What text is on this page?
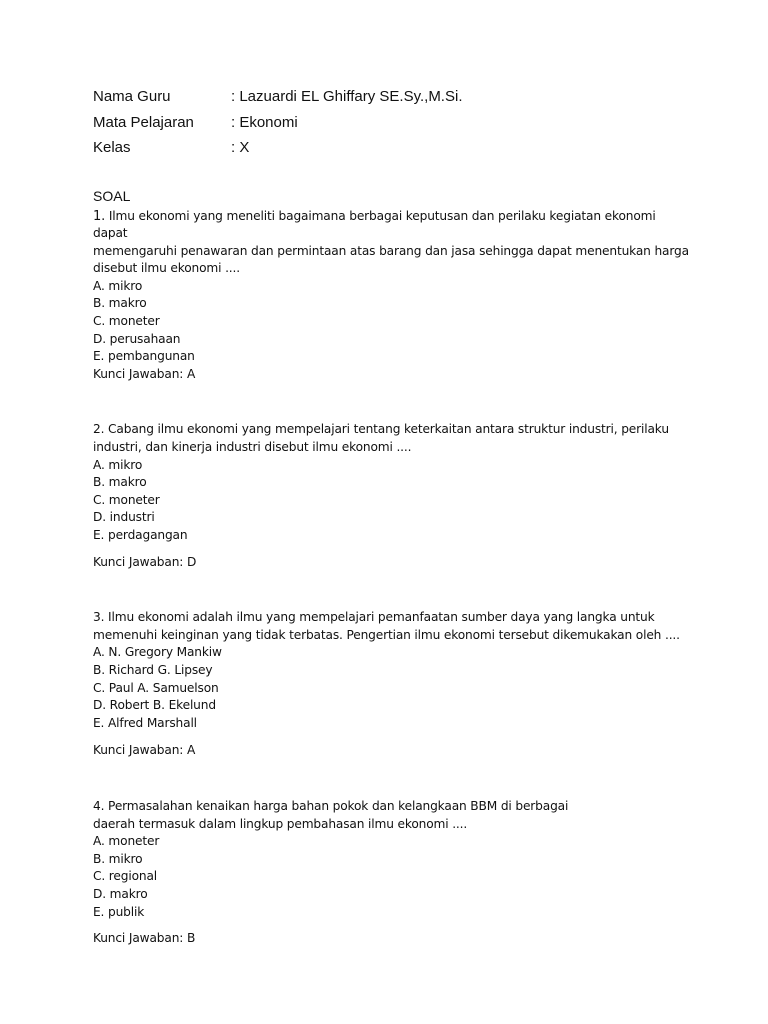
Nama Guru	: Lazuardi EL Ghiffary SE.Sy.,M.Si.
Mata Pelajaran	: Ekonomi
Kelas	: X
SOAL
1. Ilmu ekonomi yang meneliti bagaimana berbagai keputusan dan perilaku kegiatan ekonomi dapat
memengaruhi penawaran dan permintaan atas barang dan jasa sehingga dapat menentukan harga
disebut ilmu ekonomi ....
A. mikro
B. makro
C. moneter
D. perusahaan
E. pembangunan
Kunci Jawaban: A
2. Cabang ilmu ekonomi yang mempelajari tentang keterkaitan antara struktur industri, perilaku
industri, dan kinerja industri disebut ilmu ekonomi ....
A. mikro
B. makro
C. moneter
D. industri
E. perdagangan
Kunci Jawaban: D
3. Ilmu ekonomi adalah ilmu yang mempelajari pemanfaatan sumber daya yang langka untuk
memenuhi keinginan yang tidak terbatas. Pengertian ilmu ekonomi tersebut dikemukakan oleh ....
A. N. Gregory Mankiw
B. Richard G. Lipsey
C. Paul A. Samuelson
D. Robert B. Ekelund
E. Alfred Marshall
Kunci Jawaban: A
4. Permasalahan kenaikan harga bahan pokok dan kelangkaan BBM di berbagai
daerah termasuk dalam lingkup pembahasan ilmu ekonomi ....
A. moneter
B. mikro
C. regional
D. makro
E. publik
Kunci Jawaban: B
